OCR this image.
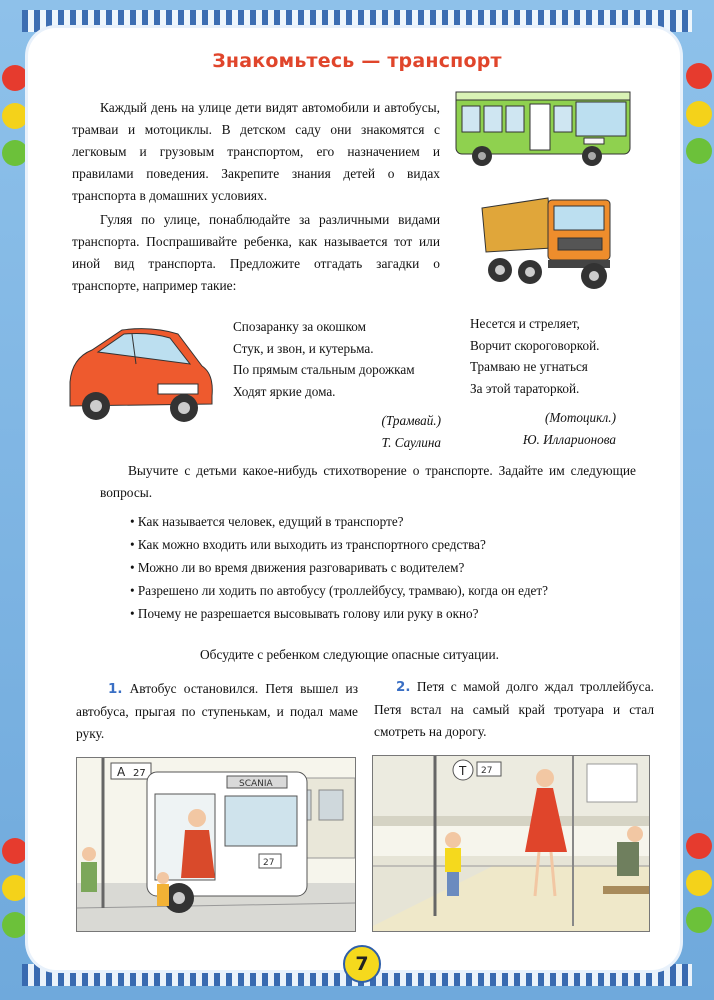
Знакомьтесь — транспорт
Каждый день на улице дети видят автомобили и автобусы, трамваи и мотоциклы. В детском саду они знакомятся с легковым и грузовым транспортом, его назначением и правилами поведения. Закрепите знания детей о видах транспорта в домашних условиях.
Гуляя по улице, понаблюдайте за различными видами транспорта. Поспрашивайте ребенка, как называется тот или иной вид транспорта. Предложите отгадать загадки о транспорте, например такие:
Спозаранку за окошком
Стук, и звон, и кутерьма.
По прямым стальным дорожкам
Ходят яркие дома.
(Трамвай.)
Т. Саулина
Несется и стреляет,
Ворчит скороговоркой.
Трамваю не угнаться
За этой тараторкой.
(Мотоцикл.)
Ю. Илларионова
Выучите с детьми какое-нибудь стихотворение о транспорте. Задайте им следующие вопросы.
• Как называется человек, едущий в транспорте?
• Как можно входить или выходить из транспортного средства?
• Можно ли во время движения разговаривать с водителем?
• Разрешено ли ходить по автобусу (троллейбусу, трамваю), когда он едет?
• Почему не разрешается высовывать голову или руку в окно?
Обсудите с ребенком следующие опасные ситуации.
1. Автобус остановился. Петя вышел из автобуса, прыгая по ступенькам, и подал маме руку.
2. Петя с мамой долго ждал троллейбуса. Петя встал на самый край тротуара и стал смотреть на дорогу.
A 27
SCANIA
27
T 27
7
